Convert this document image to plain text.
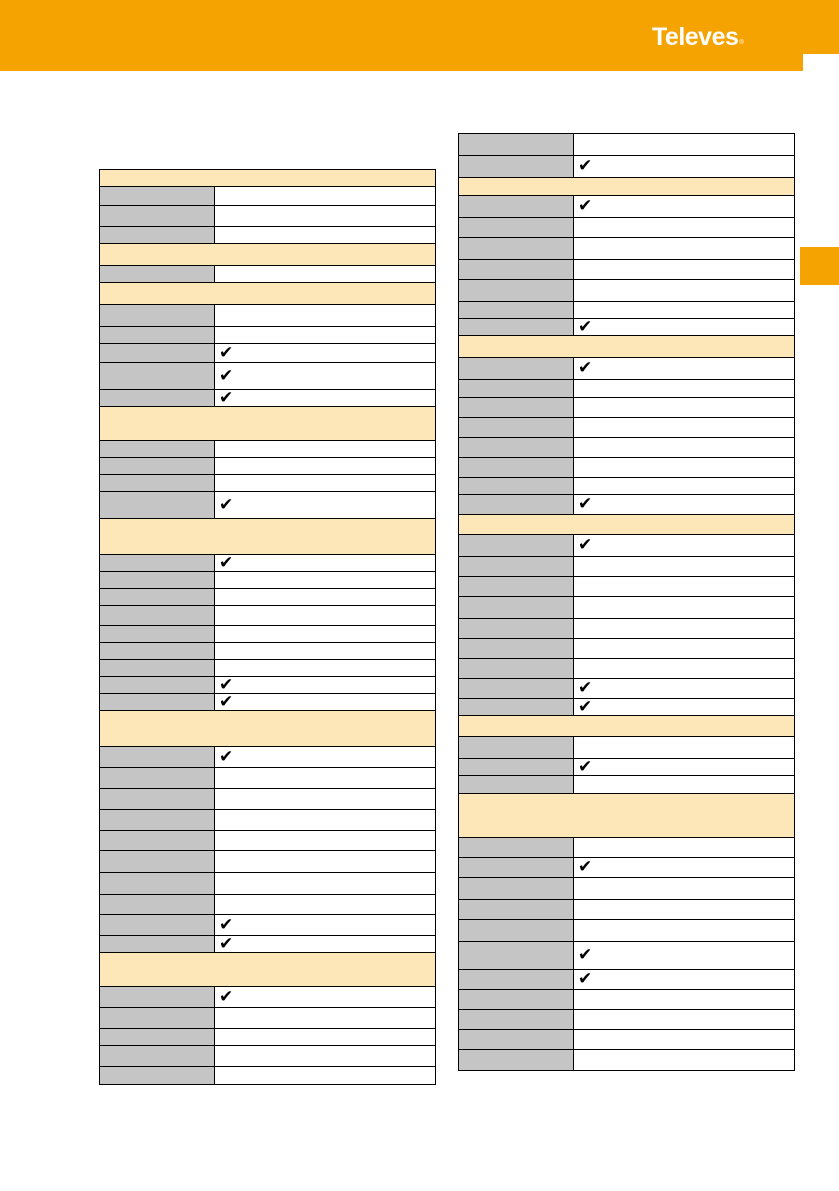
Televes®
✔
✔
✔
✔
✔
✔
✔
✔
✔
✔
✔
✔
✔
✔
✔
✔
✔
✔
✔
✔
✔
✔
✔
